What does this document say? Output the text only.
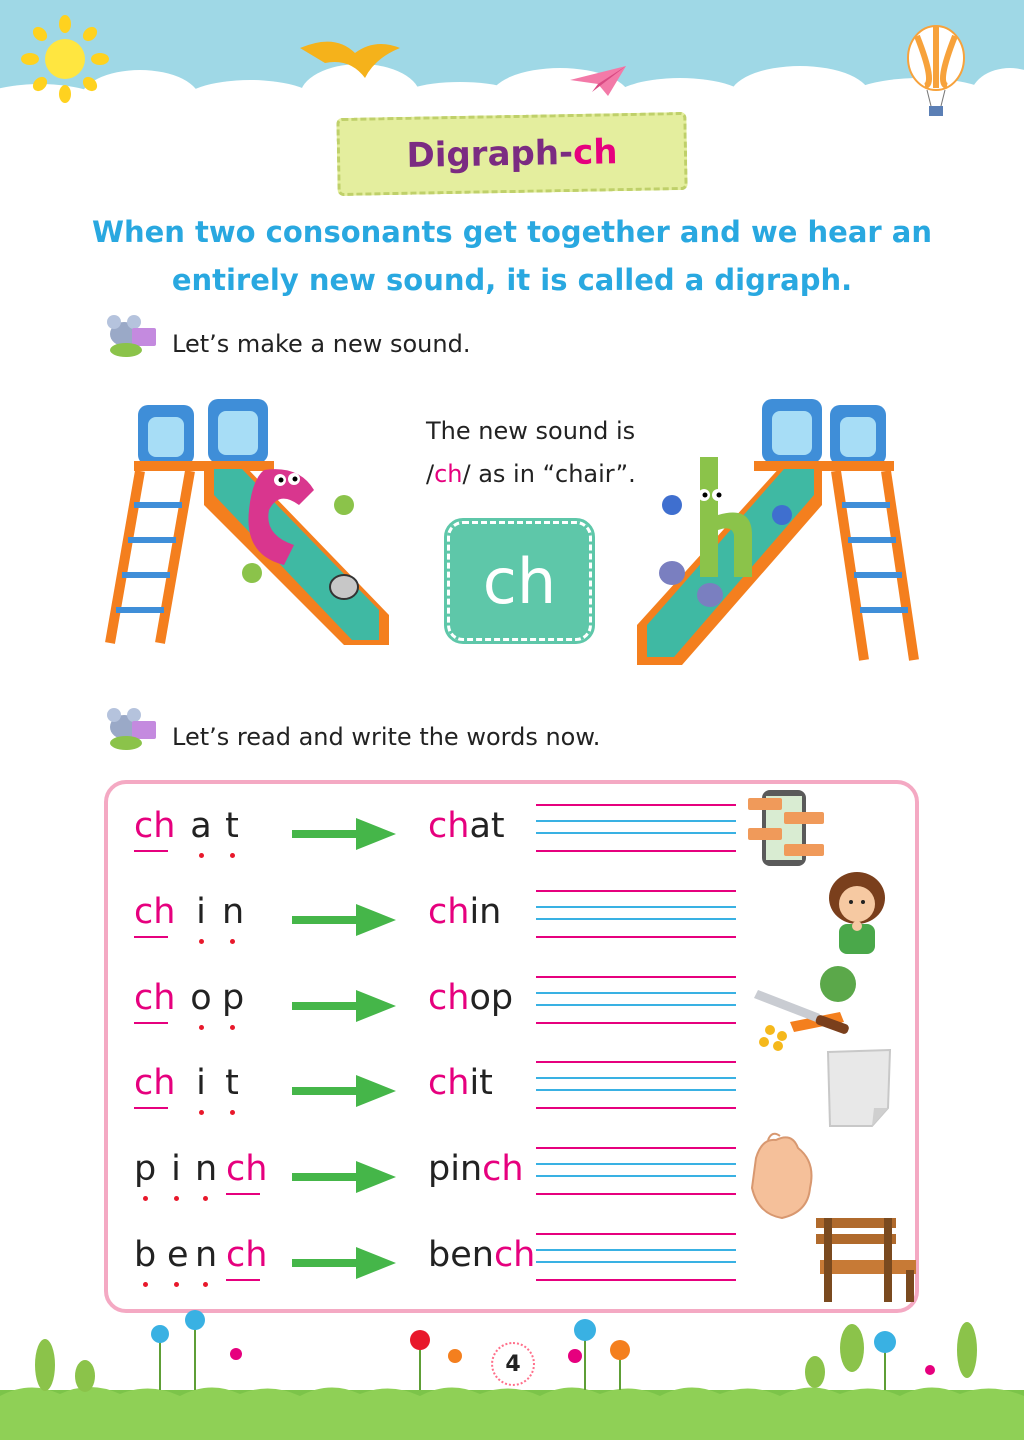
Digraph- ch
When two consonants get together and we hear an entirely new sound, it is called a digraph.
Let’s make a new sound.
The new sound is
/ch/ as in “chair”.
ch
Let’s read and write the words now.
ch a t	chat
ch i n	chin
ch o p	chop
ch i t	chit
p i n ch	pinch
b e n ch	bench
4
